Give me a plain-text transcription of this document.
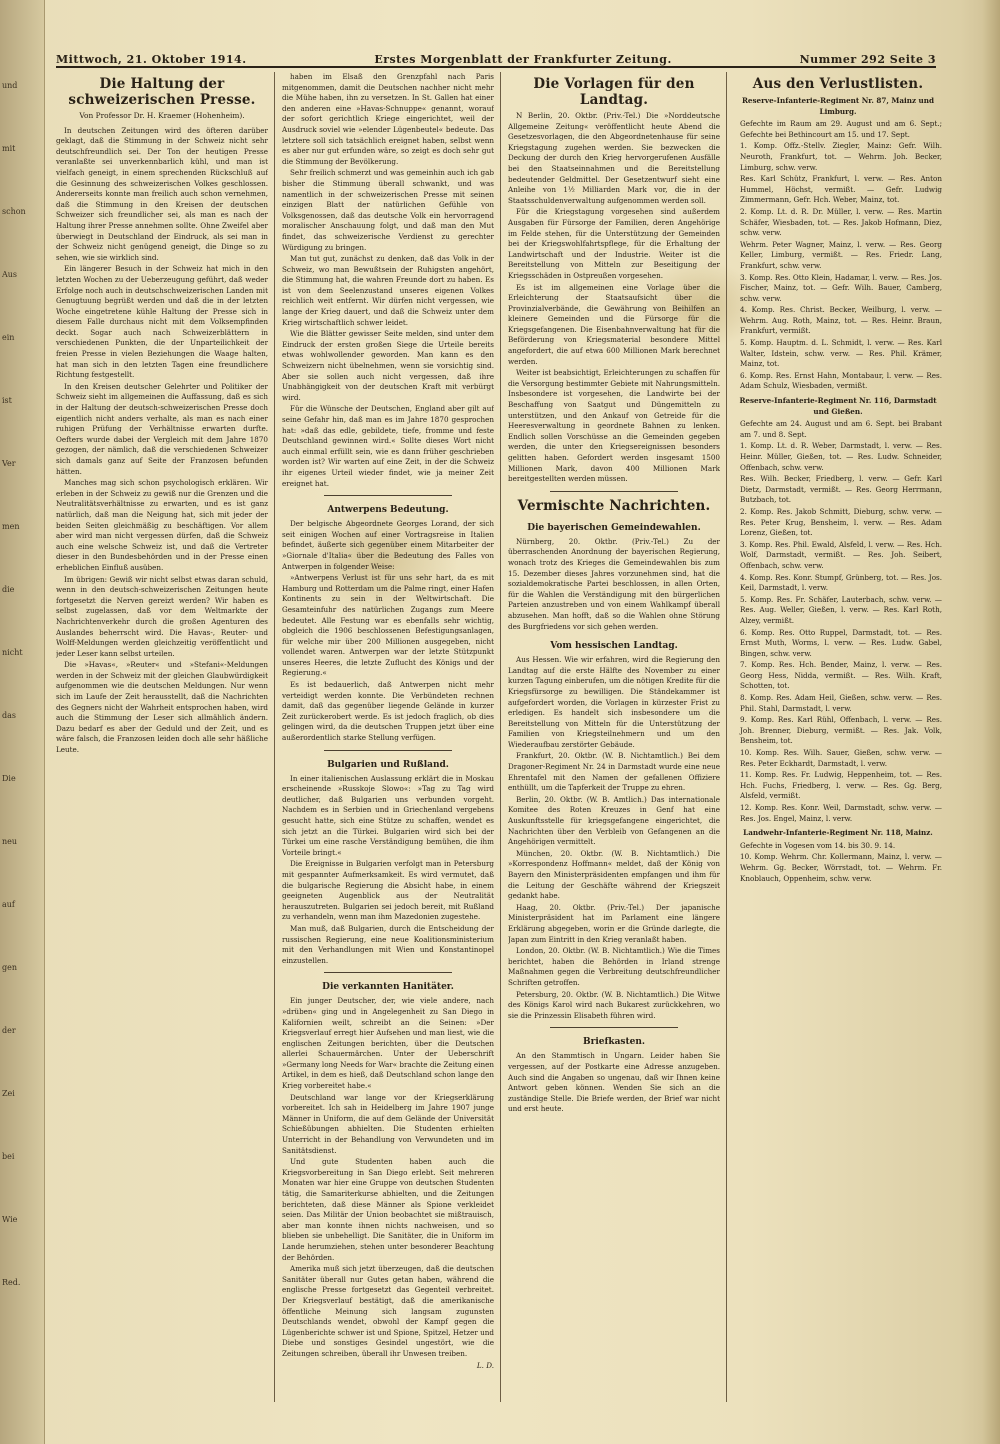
und

mit

schon

Aus

ein

ist

Ver

men

die

nicht

das

Die

neu

auf

gen

der

Zei

bei

Wie

Red.

Mittwoch, 21. Oktober 1914.	Erstes Morgenblatt der Frankfurter Zeitung.	Nummer 292 Seite 3
Die Haltung der schweizerischen Presse.
Von Professor Dr. H. Kraemer (Hohenheim).

In deutschen Zeitungen wird des öfteren darüber geklagt, daß die Stimmung in der Schweiz nicht sehr deutschfreundlich sei. Der Ton der heutigen Presse veranlaßte sei unverkennbarlich kühl, und man ist vielfach geneigt, in einem sprechenden Rückschluß auf die Gesinnung des schweizerischen Volkes geschlossen. Andererseits konnte man freilich auch schon vernehmen, daß die Stimmung in den Kreisen der deutschen Schweizer sich freundlicher sei, als man es nach der Haltung ihrer Presse annehmen sollte. Ohne Zweifel aber überwiegt in Deutschland der Eindruck, als sei man in der Schweiz nicht genügend geneigt, die Dinge so zu sehen, wie sie wirklich sind.

Ein längerer Besuch in der Schweiz hat mich in den letzten Wochen zu der Ueberzeugung geführt, daß weder Erfolge noch auch in deutschschweizerischen Landen mit Genugtuung begrüßt werden und daß die in der letzten Woche eingetretene kühle Haltung der Presse sich in diesem Falle durchaus nicht mit dem Volksempfinden deckt. Sogar auch nach Schweizerblättern in verschiedenen Punkten, die der Unparteilichkeit der freien Presse in vielen Beziehungen die Waage halten, hat man sich in den letzten Tagen eine freundlichere Richtung festgestellt.

In den Kreisen deutscher Gelehrter und Politiker der Schweiz sieht im allgemeinen die Auffassung, daß es sich in der Haltung der deutsch-schweizerischen Presse doch eigentlich nicht anders verhalte, als man es nach einer ruhigen Prüfung der Verhältnisse erwarten durfte. Oefters wurde dabei der Vergleich mit dem Jahre 1870 gezogen, der nämlich, daß die verschiedenen Schweizer sich damals ganz auf Seite der Franzosen befunden hätten.

Manches mag sich schon psychologisch erklären. Wir erleben in der Schweiz zu gewiß nur die Grenzen und die Neutralitätsverhältnisse zu erwarten, und es ist ganz natürlich, daß man die Neigung hat, sich mit jeder der beiden Seiten gleichmäßig zu beschäftigen. Vor allem aber wird man nicht vergessen dürfen, daß die Schweiz auch eine welsche Schweiz ist, und daß die Vertreter dieser in den Bundesbehörden und in der Presse einen erheblichen Einfluß ausüben.

Im übrigen: Gewiß wir nicht selbst etwas daran schuld, wenn in den deutsch-schweizerischen Zeitungen heute fortgesetzt die Nerven gereizt werden? Wir haben es selbst zugelassen, daß vor dem Weltmarkte der Nachrichtenverkehr durch die großen Agenturen des Auslandes beherrscht wird. Die Havas-, Reuter- und Wolff-Meldungen werden gleichzeitig veröffentlicht und jeder Leser kann selbst urteilen.

Die »Havas«, »Reuter« und »Stefani«-Meldungen werden in der Schweiz mit der gleichen Glaubwürdigkeit aufgenommen wie die deutschen Meldungen. Nur wenn sich im Laufe der Zeit herausstellt, daß die Nachrichten des Gegners nicht der Wahrheit entsprochen haben, wird auch die Stimmung der Leser sich allmählich ändern. Dazu bedarf es aber der Geduld und der Zeit, und es wäre falsch, die Franzosen leiden doch alle sehr häßliche Leute.

haben im Elsaß den Grenzpfahl nach Paris mitgenommen, damit die Deutschen nachher nicht mehr die Mühe haben, ihn zu versetzen. In St. Gallen hat einer den anderen eine »Havas-Schnuppe« genannt, worauf der sofort gerichtlich Kriege eingerichtet, weil der Ausdruck soviel wie »elender Lügenbeutel« bedeute. Das letztere soll sich tatsächlich ereignet haben, selbst wenn es aber nur gut erfunden wäre, so zeigt es doch sehr gut die Stimmung der Bevölkerung.

Sehr freilich schmerzt und was gemeinhin auch ich gab bisher die Stimmung überall schwankt, und was namentlich in der schweizerischen Presse mit seinen einzigen Blatt der natürlichen Gefühle von Volksgenossen, daß das deutsche Volk ein hervorragend moralischer Anschauung folgt, und daß man den Mut findet, das schweizerische Verdienst zu gerechter Würdigung zu bringen.

Man tut gut, zunächst zu denken, daß das Volk in der Schweiz, wo man Bewußtsein der Ruhigsten angehört, die Stimmung hat, die wahren Freunde dort zu haben. Es ist von dem Seelenzustand unseres eigenen Volkes reichlich weit entfernt. Wir dürfen nicht vergessen, wie lange der Krieg dauert, und daß die Schweiz unter dem Krieg wirtschaftlich schwer leidet.

Wie die Blätter gewisser Seite melden, sind unter dem Eindruck der ersten großen Siege die Urteile bereits etwas wohlwollender geworden. Man kann es den Schweizern nicht übelnehmen, wenn sie vorsichtig sind. Aber sie sollen auch nicht vergessen, daß ihre Unabhängigkeit von der deutschen Kraft mit verbürgt wird.

Für die Wünsche der Deutschen, England aber gilt auf seine Gefahr hin, daß man es im Jahre 1870 gesprochen hat: »daß das edle, gebildete, tiefe, fromme und feste Deutschland gewinnen wird.« Sollte dieses Wort nicht auch einmal erfüllt sein, wie es dann früher geschrieben worden ist? Wir warten auf eine Zeit, in der die Schweiz ihr eigenes Urteil wieder findet, wie ja meiner Zeit ereignet hat.

Antwerpens Bedeutung.

Der belgische Abgeordnete Georges Lorand, der sich seit einigen Wochen auf einer Vortragsreise in Italien befindet, äußerte sich gegenüber einem Mitarbeiter der »Giornale d'Italia« über die Bedeutung des Falles von Antwerpen in folgender Weise:

»Antwerpens Verlust ist für uns sehr hart, da es mit Hamburg und Rotterdam um die Palme ringt, einer Hafen Kontinents zu sein in der Weltwirtschaft. Die Gesamteinfuhr des natürlichen Zugangs zum Meere bedeutet. Alle Festung war es ebenfalls sehr wichtig, obgleich die 1906 beschlossenen Befestigungsanlagen, für welche mir über 200 Millionen ausgegeben, nicht vollendet waren. Antwerpen war der letzte Stützpunkt unseres Heeres, die letzte Zuflucht des Königs und der Regierung.«

Es ist bedauerlich, daß Antwerpen nicht mehr verteidigt werden konnte. Die Verbündeten rechnen damit, daß das gegenüber liegende Gelände in kurzer Zeit zurückerobert werde. Es ist jedoch fraglich, ob dies gelingen wird, da die deutschen Truppen jetzt über eine außerordentlich starke Stellung verfügen.

Bulgarien und Rußland.

In einer italienischen Auslassung erklärt die in Moskau erscheinende »Russkoje Slowo«: »Tag zu Tag wird deutlicher, daß Bulgarien uns verbunden vorgeht. Nachdem es in Serbien und in Griechenland vergebens gesucht hatte, sich eine Stütze zu schaffen, wendet es sich jetzt an die Türkei. Bulgarien wird sich bei der Türkei um eine rasche Verständigung bemühen, die ihm Vorteile bringt.«

Die Ereignisse in Bulgarien verfolgt man in Petersburg mit gespannter Aufmerksamkeit. Es wird vermutet, daß die bulgarische Regierung die Absicht habe, in einem geeigneten Augenblick aus der Neutralität herauszutreten. Bulgarien sei jedoch bereit, mit Rußland zu verhandeln, wenn man ihm Mazedonien zugestehe.

Man muß, daß Bulgarien, durch die Entscheidung der russischen Regierung, eine neue Koalitionsministerium mit den Verhandlungen mit Wien und Konstantinopel einzustellen.

Die verkannten Hanitäter.

Ein junger Deutscher, der, wie viele andere, nach »drüben« ging und in Angelegenheit zu San Diego in Kalifornien weilt, schreibt an die Seinen: »Der Kriegsverlauf erregt hier Aufsehen und man liest, wie die englischen Zeitungen berichten, über die Deutschen allerlei Schauermärchen. Unter der Ueberschrift »Germany long Needs for War« brachte die Zeitung einen Artikel, in dem es hieß, daß Deutschland schon lange den Krieg vorbereitet habe.«

Deutschland war lange vor der Kriegserklärung vorbereitet. Ich sah in Heidelberg im Jahre 1907 junge Männer in Uniform, die auf dem Gelände der Universität Schießübungen abhielten. Die Studenten erhielten Unterricht in der Behandlung von Verwundeten und im Sanitätsdienst.

Und gute Studenten haben auch die Kriegsvorbereitung in San Diego erlebt. Seit mehreren Monaten war hier eine Gruppe von deutschen Studenten tätig, die Samariterkurse abhielten, und die Zeitungen berichteten, daß diese Männer als Spione verkleidet seien. Das Militär der Union beobachtet sie mißtrauisch, aber man konnte ihnen nichts nachweisen, und so blieben sie unbehelligt. Die Sanitäter, die in Uniform im Lande herumziehen, stehen unter besonderer Beachtung der Behörden.

Amerika muß sich jetzt überzeugen, daß die deutschen Sanitäter überall nur Gutes getan haben, während die englische Presse fortgesetzt das Gegenteil verbreitet. Der Kriegsverlauf bestätigt, daß die amerikanische öffentliche Meinung sich langsam zugunsten Deutschlands wendet, obwohl der Kampf gegen die Lügenberichte schwer ist und Spione, Spitzel, Hetzer und Diebe und sonstiges Gesindel ungestört, wie die Zeitungen schreiben, überall ihr Unwesen treiben.

L. D.

Die Vorlagen für den Landtag.

N Berlin, 20. Oktbr. (Priv.-Tel.) Die »Norddeutsche Allgemeine Zeitung« veröffentlicht heute Abend die Gesetzesvorlagen, die den Abgeordnetenhause für seine Kriegstagung zugehen werden. Sie bezwecken die Deckung der durch den Krieg hervorgerufenen Ausfälle bei den Staatseinnahmen und die Bereitstellung bedeutender Geldmittel. Der Gesetzentwurf sieht eine Anleihe von 1½ Milliarden Mark vor, die in der Staatsschuldenverwaltung aufgenommen werden soll.

Für die Kriegstagung vorgesehen sind außerdem Ausgaben für Fürsorge der Familien, deren Angehörige im Felde stehen, für die Unterstützung der Gemeinden bei der Kriegswohlfahrtspflege, für die Erhaltung der Landwirtschaft und der Industrie. Weiter ist die Bereitstellung von Mitteln zur Beseitigung der Kriegsschäden in Ostpreußen vorgesehen.

Es ist im allgemeinen eine Vorlage über die Erleichterung der Staatsaufsicht über die Provinzialverbände, die Gewährung von Beihilfen an kleinere Gemeinden und die Fürsorge für die Kriegsgefangenen. Die Eisenbahnverwaltung hat für die Beförderung von Kriegsmaterial besondere Mittel angefordert, die auf etwa 600 Millionen Mark berechnet werden.

Weiter ist beabsichtigt, Erleichterungen zu schaffen für die Versorgung bestimmter Gebiete mit Nahrungsmitteln. Insbesondere ist vorgesehen, die Landwirte bei der Beschaffung von Saatgut und Düngemitteln zu unterstützen, und den Ankauf von Getreide für die Heeresverwaltung in geordnete Bahnen zu lenken. Endlich sollen Vorschüsse an die Gemeinden gegeben werden, die unter den Kriegsereignissen besonders gelitten haben. Gefordert werden insgesamt 1500 Millionen Mark, davon 400 Millionen Mark bereitgestellten werden müssen.

Vermischte Nachrichten.
Die bayerischen Gemeindewahlen.

Nürnberg, 20. Oktbr. (Priv.-Tel.) Zu der überraschenden Anordnung der bayerischen Regierung, wonach trotz des Krieges die Gemeindewahlen bis zum 15. Dezember dieses Jahres vorzunehmen sind, hat die sozialdemokratische Partei beschlossen, in allen Orten, für die Wahlen die Verständigung mit den bürgerlichen Parteien anzustreben und von einem Wahlkampf überall abzusehen. Man hofft, daß so die Wahlen ohne Störung des Burgfriedens vor sich gehen werden.

Vom hessischen Landtag.

Aus Hessen. Wie wir erfahren, wird die Regierung den Landtag auf die erste Hälfte des November zu einer kurzen Tagung einberufen, um die nötigen Kredite für die Kriegsfürsorge zu bewilligen. Die Ständekammer ist aufgefordert worden, die Vorlagen in kürzester Frist zu erledigen. Es handelt sich insbesondere um die Bereitstellung von Mitteln für die Unterstützung der Familien von Kriegsteilnehmern und um den Wiederaufbau zerstörter Gebäude.

Frankfurt, 20. Oktbr. (W. B. Nichtamtlich.) Bei dem Dragoner-Regiment Nr. 24 in Darmstadt wurde eine neue Ehrentafel mit den Namen der gefallenen Offiziere enthüllt, um die Tapferkeit der Truppe zu ehren.

Berlin, 20. Oktbr. (W. B. Amtlich.) Das internationale Komitee des Roten Kreuzes in Genf hat eine Auskunftsstelle für kriegsgefangene eingerichtet, die Nachrichten über den Verbleib von Gefangenen an die Angehörigen vermittelt.

München, 20. Oktbr. (W. B. Nichtamtlich.) Die »Korrespondenz Hoffmann« meldet, daß der König von Bayern den Ministerpräsidenten empfangen und ihm für die Leitung der Geschäfte während der Kriegszeit gedankt habe.

Haag, 20. Oktbr. (Priv.-Tel.) Der japanische Ministerpräsident hat im Parlament eine längere Erklärung abgegeben, worin er die Gründe darlegte, die Japan zum Eintritt in den Krieg veranlaßt haben.

London, 20. Oktbr. (W. B. Nichtamtlich.) Wie die Times berichtet, haben die Behörden in Irland strenge Maßnahmen gegen die Verbreitung deutschfreundlicher Schriften getroffen.

Petersburg, 20. Oktbr. (W. B. Nichtamtlich.) Die Witwe des Königs Karol wird nach Bukarest zurückkehren, wo sie die Prinzessin Elisabeth führen wird.

Briefkasten.

An den Stammtisch in Ungarn. Leider haben Sie vergessen, auf der Postkarte eine Adresse anzugeben. Auch sind die Angaben so ungenau, daß wir Ihnen keine Antwort geben können. Wenden Sie sich an die zuständige Stelle. Die Briefe werden, der Brief war nicht und erst heute.

Aus den Verlustlisten.

Reserve-Infanterie-Regiment Nr. 87, Mainz und Limburg.

Gefechte im Raum am 29. August und am 6. Sept.; Gefechte bei Bethincourt am 15. und 17. Sept.

1. Komp. Offz.-Stellv. Ziegler, Mainz: Gefr. Wilh. Neuroth, Frankfurt, tot. — Wehrm. Joh. Becker, Limburg, schw. verw.

Res. Karl Schütz, Frankfurt, l. verw. — Res. Anton Hummel, Höchst, vermißt. — Gefr. Ludwig Zimmermann, Gefr. Hch. Weber, Mainz, tot.

2. Komp. Lt. d. R. Dr. Müller, l. verw. — Res. Martin Schäfer, Wiesbaden, tot. — Res. Jakob Hofmann, Diez, schw. verw.

Wehrm. Peter Wagner, Mainz, l. verw. — Res. Georg Keller, Limburg, vermißt. — Res. Friedr. Lang, Frankfurt, schw. verw.

3. Komp. Res. Otto Klein, Hadamar, l. verw. — Res. Jos. Fischer, Mainz, tot. — Gefr. Wilh. Bauer, Camberg, schw. verw.

4. Komp. Res. Christ. Becker, Weilburg, l. verw. — Wehrm. Aug. Roth, Mainz, tot. — Res. Heinr. Braun, Frankfurt, vermißt.

5. Komp. Hauptm. d. L. Schmidt, l. verw. — Res. Karl Walter, Idstein, schw. verw. — Res. Phil. Krämer, Mainz, tot.

6. Komp. Res. Ernst Hahn, Montabaur, l. verw. — Res. Adam Schulz, Wiesbaden, vermißt.

Reserve-Infanterie-Regiment Nr. 116, Darmstadt und Gießen.

Gefechte am 24. August und am 6. Sept. bei Brabant am 7. und 8. Sept.

1. Komp. Lt. d. R. Weber, Darmstadt, l. verw. — Res. Heinr. Müller, Gießen, tot. — Res. Ludw. Schneider, Offenbach, schw. verw.

Res. Wilh. Becker, Friedberg, l. verw. — Gefr. Karl Dietz, Darmstadt, vermißt. — Res. Georg Herrmann, Butzbach, tot.

2. Komp. Res. Jakob Schmitt, Dieburg, schw. verw. — Res. Peter Krug, Bensheim, l. verw. — Res. Adam Lorenz, Gießen, tot.

3. Komp. Res. Phil. Ewald, Alsfeld, l. verw. — Res. Hch. Wolf, Darmstadt, vermißt. — Res. Joh. Seibert, Offenbach, schw. verw.

4. Komp. Res. Konr. Stumpf, Grünberg, tot. — Res. Jos. Keil, Darmstadt, l. verw.

5. Komp. Res. Fr. Schäfer, Lauterbach, schw. verw. — Res. Aug. Weller, Gießen, l. verw. — Res. Karl Roth, Alzey, vermißt.

6. Komp. Res. Otto Ruppel, Darmstadt, tot. — Res. Ernst Muth, Worms, l. verw. — Res. Ludw. Gabel, Bingen, schw. verw.

7. Komp. Res. Hch. Bender, Mainz, l. verw. — Res. Georg Hess, Nidda, vermißt. — Res. Wilh. Kraft, Schotten, tot.

8. Komp. Res. Adam Heil, Gießen, schw. verw. — Res. Phil. Stahl, Darmstadt, l. verw.

9. Komp. Res. Karl Rühl, Offenbach, l. verw. — Res. Joh. Brenner, Dieburg, vermißt. — Res. Jak. Volk, Bensheim, tot.

10. Komp. Res. Wilh. Sauer, Gießen, schw. verw. — Res. Peter Eckhardt, Darmstadt, l. verw.

11. Komp. Res. Fr. Ludwig, Heppenheim, tot. — Res. Hch. Fuchs, Friedberg, l. verw. — Res. Gg. Berg, Alsfeld, vermißt.

12. Komp. Res. Konr. Weil, Darmstadt, schw. verw. — Res. Jos. Engel, Mainz, l. verw.

Landwehr-Infanterie-Regiment Nr. 118, Mainz.

Gefechte in Vogesen vom 14. bis 30. 9. 14.

10. Komp. Wehrm. Chr. Kollermann, Mainz, l. verw. — Wehrm. Gg. Becker, Wörrstadt, tot. — Wehrm. Fr. Knoblauch, Oppenheim, schw. verw.
